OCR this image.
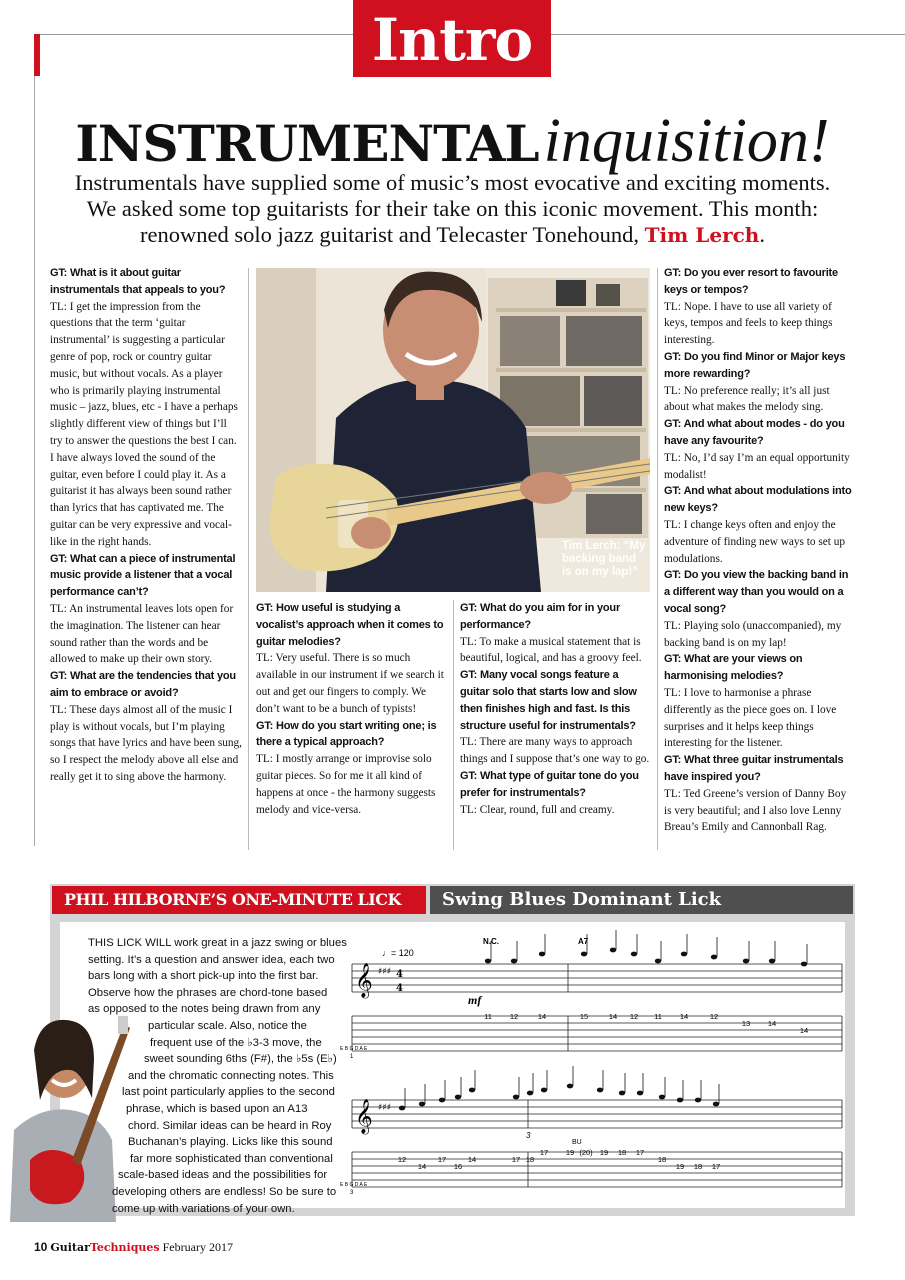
Intro
INSTRUMENTAL inquisition!
Instrumentals have supplied some of music’s most evocative and exciting moments.
We asked some top guitarists for their take on this iconic movement. This month:
renowned solo jazz guitarist and Telecaster Tonehound, Tim Lerch.
GT: What is it about guitar instrumentals that appeals to you?
TL: I get the impression from the questions that the term ‘guitar instrumental’ is suggesting a particular genre of pop, rock or country guitar music, but without vocals. As a player who is primarily playing instrumental music – jazz, blues, etc - I have a perhaps slightly different view of things but I’ll try to answer the questions the best I can. I have always loved the sound of the guitar, even before I could play it. As a guitarist it has always been sound rather than lyrics that has captivated me. The guitar can be very expressive and vocal-like in the right hands.
GT: What can a piece of instrumental music provide a listener that a vocal performance can’t?
TL: An instrumental leaves lots open for the imagination. The listener can hear sound rather than the words and be allowed to make up their own story.
GT: What are the tendencies that you aim to embrace or avoid?
TL: These days almost all of the music I play is without vocals, but I’m playing songs that have lyrics and have been sung, so I respect the melody above all else and really get it to sing above the harmony.
GT: How useful is studying a vocalist’s approach when it comes to guitar melodies?
TL: Very useful. There is so much available in our instrument if we search it out and get our fingers to comply. We don’t want to be a bunch of typists!
GT: How do you start writing one; is there a typical approach?
TL: I mostly arrange or improvise solo guitar pieces. So for me it all kind of happens at once - the harmony suggests melody and vice-versa.
GT: What do you aim for in your performance?
TL: To make a musical statement that is beautiful, logical, and has a groovy feel.
GT: Many vocal songs feature a guitar solo that starts low and slow then finishes high and fast. Is this structure useful for instrumentals?
TL: There are many ways to approach things and I suppose that’s one way to go.
GT: What type of guitar tone do you prefer for instrumentals?
TL: Clear, round, full and creamy.
GT: Do you ever resort to favourite keys or tempos?
TL: Nope. I have to use all variety of keys, tempos and feels to keep things interesting.
GT: Do you find Minor or Major keys more rewarding?
TL: No preference really; it’s all just about what makes the melody sing.
GT: And what about modes - do you have any favourite?
TL: No, I’d say I’m an equal opportunity modalist!
GT: And what about modulations into new keys?
TL: I change keys often and enjoy the adventure of finding new ways to set up modulations.
GT: Do you view the backing band in a different way than you would on a vocal song?
TL: Playing solo (unaccompanied), my backing band is on my lap!
GT: What are your views on harmonising melodies?
TL: I love to harmonise a phrase differently as the piece goes on. I love surprises and it helps keep things interesting for the listener.
GT: What three guitar instrumentals have inspired you?
TL: Ted Greene’s version of Danny Boy is very beautiful; and I also love Lenny Breau’s Emily and Cannonball Rag.
Tim Lerch: “My backing band is on my lap!”
PHIL HILBORNE’S ONE-MINUTE LICK	Swing Blues Dominant Lick

THIS LICK WILL work great in a jazz swing or blues

setting. It’s a question and answer idea, each two

bars long with a short pick-up into the first bar.

Observe how the phrases are chord-tone based

as opposed to the notes being drawn from any

particular scale. Also, notice the

frequent use of the ♭3-3 move, the

sweet sounding 6ths (F#), the ♭5s (E♭)

and the chromatic connecting notes. This

last point particularly applies to the second

phrase, which is based upon an A13

chord. Similar ideas can be heard in Roy

Buchanan’s playing. Licks like this sound

far more sophisticated than conventional

scale-based ideas and the possibilities for

developing others are endless! So be sure to

come up with variations of your own.

𝄞 ♯♯♯ 4
4
♩= 120
N.C.	A7
mf
E B G D A E
1
11 12	14	15	14 12 11 14	12
13 14
14
𝄞 ♯♯♯
3
BU
E B G D A E
3
12
14
17
16
14	17 18
17 19 (20) 19 18 17
18
19 18 17
10 GuitarTechniques February 2017
